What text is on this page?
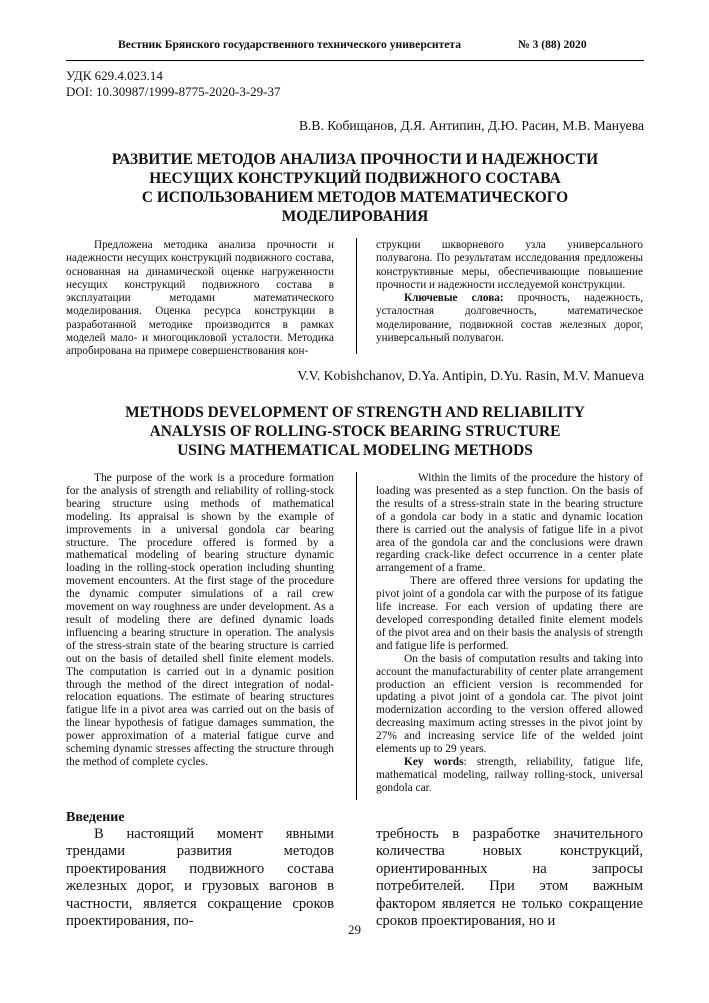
Вестник Брянского государственного технического университета	№ 3 (88) 2020
УДК 629.4.023.14
DOI: 10.30987/1999-8775-2020-3-29-37
В.В. Кобищанов, Д.Я. Антипин, Д.Ю. Расин, М.В. Мануева
РАЗВИТИЕ МЕТОДОВ АНАЛИЗА ПРОЧНОСТИ И НАДЕЖНОСТИ
НЕСУЩИХ КОНСТРУКЦИЙ ПОДВИЖНОГО СОСТАВА
С ИСПОЛЬЗОВАНИЕМ МЕТОДОВ МАТЕМАТИЧЕСКОГО
МОДЕЛИРОВАНИЯ

Предложена методика анализа прочности и надежности несущих конструкций подвижного состава, основанная на динамической оценке нагруженности несущих конструкций подвижного состава в эксплуатации методами математического моделирования. Оценка ресурса конструкции в разработанной методике производится в рамках моделей мало- и многоцикловой усталости. Методика апробирована на примере совершенствования кон-

струкции шкворневого узла универсального полувагона. По результатам исследования предложены конструктивные меры, обеспечивающие повышение прочности и надежности исследуемой конструкции.

Ключевые слова: прочность, надежность, усталостная долговечность, математическое моделирование, подвижной состав железных дорог, универсальный полувагон.

V.V. Kobishchanov, D.Ya. Antipin, D.Yu. Rasin, M.V. Manueva
METHODS DEVELOPMENT OF STRENGTH AND RELIABILITY
ANALYSIS OF ROLLING-STOCK BEARING STRUCTURE
USING MATHEMATICAL MODELING METHODS

The purpose of the work is a procedure formation for the analysis of strength and reliability of rolling-stock bearing structure using methods of mathematical modeling. Its appraisal is shown by the example of improvements in a universal gondola car bearing structure. The procedure offered is formed by a mathematical modeling of bearing structure dynamic loading in the rolling-stock operation including shunting movement encounters. At the first stage of the procedure the dynamic computer simulations of a rail crew movement on way roughness are under development. As a result of modeling there are defined dynamic loads influencing a bearing structure in operation. The analysis of the stress-strain state of the bearing structure is carried out on the basis of detailed shell finite element models. The computation is carried out in a dynamic position through the method of the direct integration of nodal-relocation equations. The estimate of bearing structures fatigue life in a pivot area was carried out on the basis of the linear hypothesis of fatigue damages summation, the power approximation of a material fatigue curve and scheming dynamic stresses affecting the structure through the method of complete cycles.

Within the limits of the procedure the history of loading was presented as a step function. On the basis of the results of a stress-strain state in the bearing structure of a gondola car body in a static and dynamic location there is carried out the analysis of fatigue life in a pivot area of the gondola car and the conclusions were drawn regarding crack-like defect occurrence in a center plate arrangement of a frame.

There are offered three versions for updating the pivot joint of a gondola car with the purpose of its fatigue life increase. For each version of updating there are developed corresponding detailed finite element models of the pivot area and on their basis the analysis of strength and fatigue life is performed.

On the basis of computation results and taking into account the manufacturability of center plate arrangement production an efficient version is recommended for updating a pivot joint of a gondola car. The pivot joint modernization according to the version offered allowed decreasing maximum acting stresses in the pivot joint by 27% and increasing service life of the welded joint elements up to 29 years.

Key words: strength, reliability, fatigue life, mathematical modeling, railway rolling-stock, universal gondola car.

Введение

В настоящий момент явными трендами развития методов проектирования подвижного состава железных дорог, и грузовых вагонов в частности, является сокращение сроков проектирования, по-

требность в разработке значительного количества новых конструкций, ориентированных на запросы потребителей. При этом важным фактором является не только сокращение сроков проектирования, но и

29
